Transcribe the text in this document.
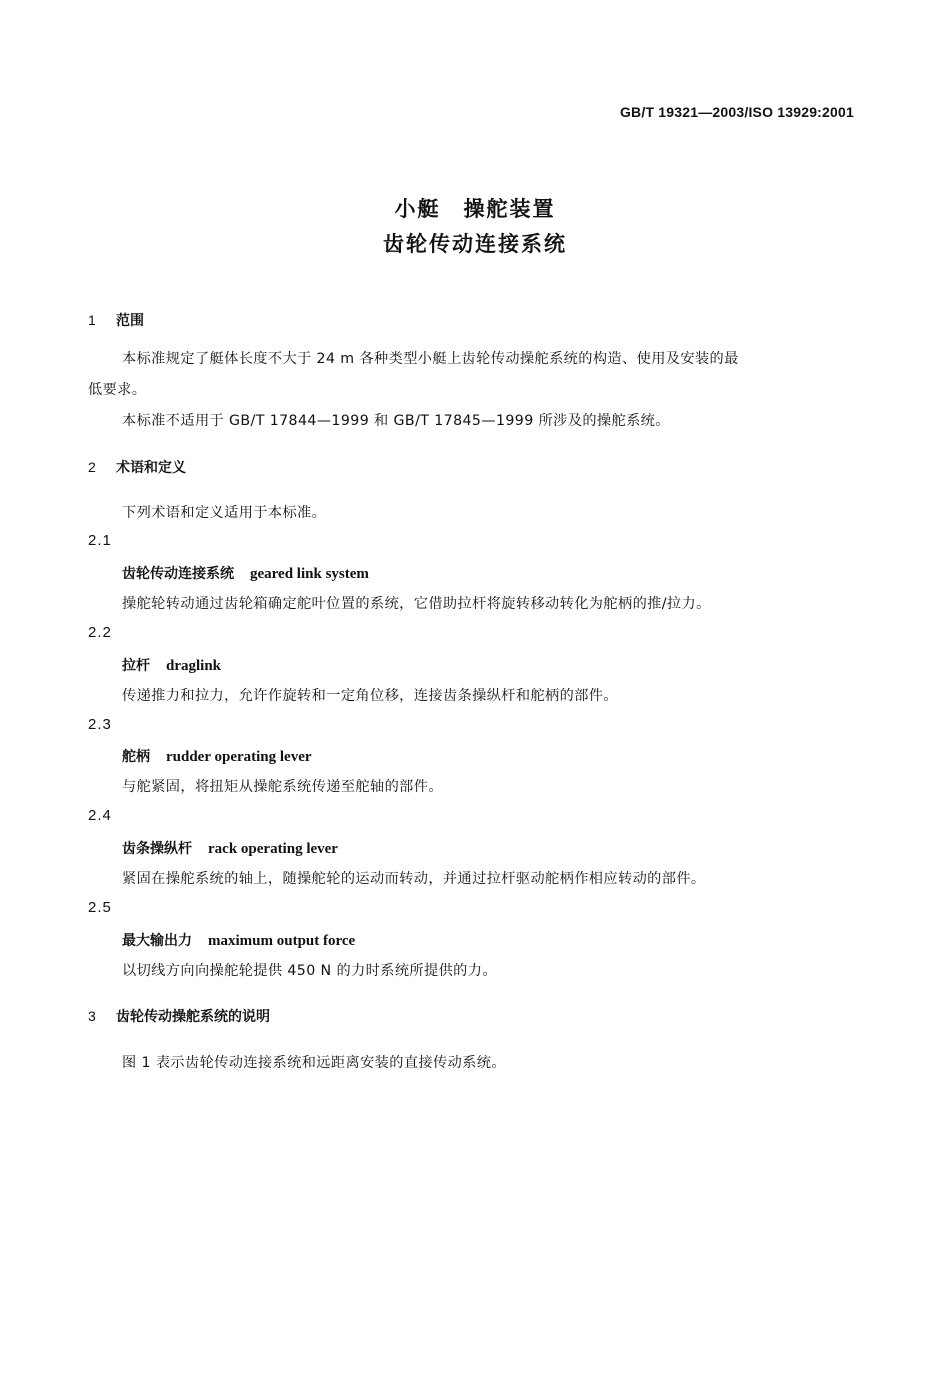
GB/T 19321—2003/ISO 13929:2001
小艇　操舵装置
齿轮传动连接系统
1 范围
本标准规定了艇体长度不大于 24 m 各种类型小艇上齿轮传动操舵系统的构造、使用及安装的最
低要求。
本标准不适用于 GB/T 17844—1999 和 GB/T 17845—1999 所涉及的操舵系统。
2 术语和定义
下列术语和定义适用于本标准。
2.1
齿轮传动连接系统 geared link system
操舵轮转动通过齿轮箱确定舵叶位置的系统，它借助拉杆将旋转移动转化为舵柄的推/拉力。
2.2
拉杆 draglink
传递推力和拉力，允许作旋转和一定角位移，连接齿条操纵杆和舵柄的部件。
2.3
舵柄 rudder operating lever
与舵紧固，将扭矩从操舵系统传递至舵轴的部件。
2.4
齿条操纵杆 rack operating lever
紧固在操舵系统的轴上，随操舵轮的运动而转动，并通过拉杆驱动舵柄作相应转动的部件。
2.5
最大输出力 maximum output force
以切线方向向操舵轮提供 450 N 的力时系统所提供的力。
3 齿轮传动操舵系统的说明
图 1 表示齿轮传动连接系统和远距离安装的直接传动系统。
